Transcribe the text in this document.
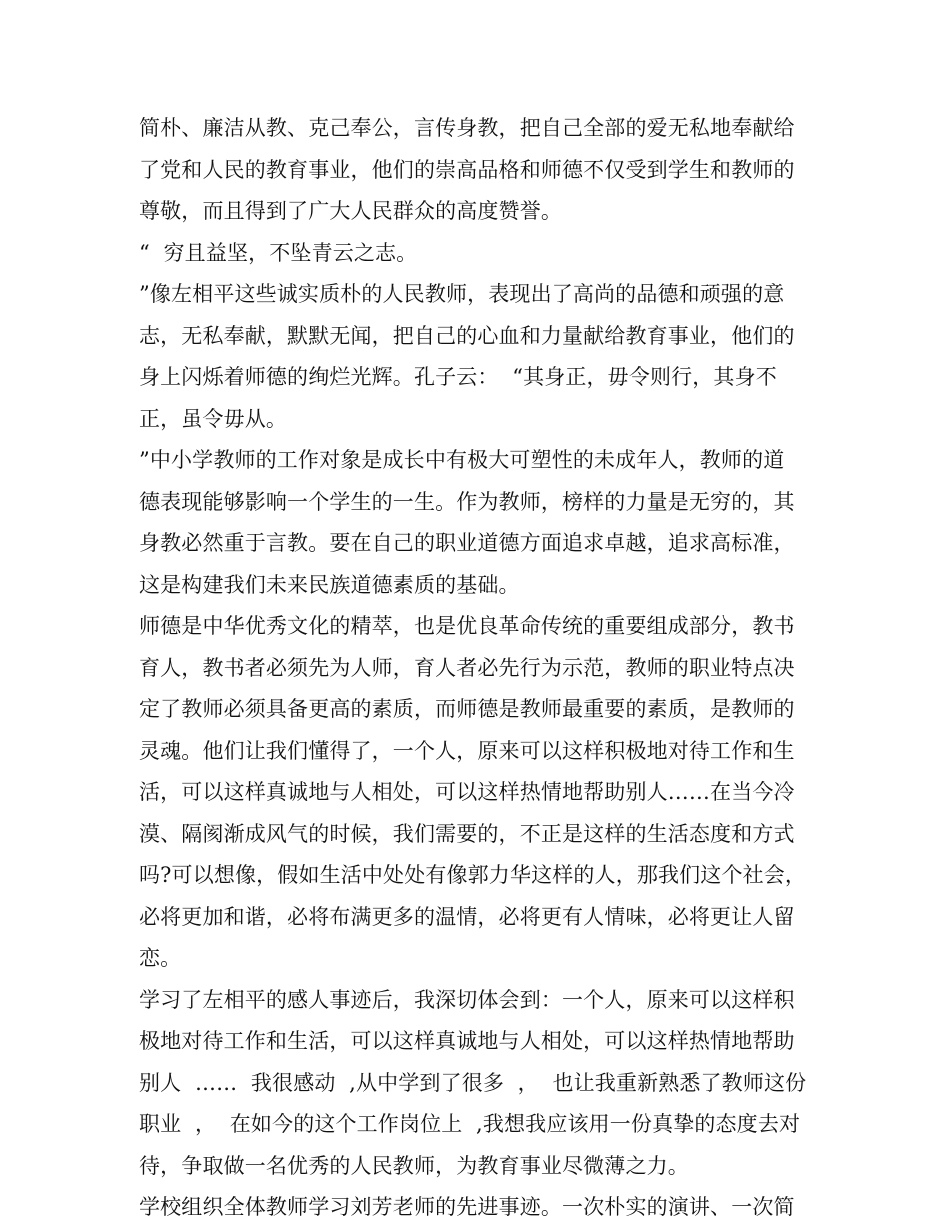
简朴、廉洁从教、克己奉公，言传身教，把自己全部的爱无私地奉献给
了党和人民的教育事业，他们的崇高品格和师德不仅受到学生和教师的
尊敬，而且得到了广大人民群众的高度赞誉。
“  穷且益坚，不坠青云之志。
”像左相平这些诚实质朴的人民教师，表现出了高尚的品德和顽强的意
志，无私奉献，默默无闻，把自己的心血和力量献给教育事业，他们的
身上闪烁着师德的绚烂光辉。孔子云：  “其身正，毋令则行，其身不
正，虽令毋从。
”中小学教师的工作对象是成长中有极大可塑性的未成年人，教师的道
德表现能够影响一个学生的一生。作为教师，榜样的力量是无穷的，其
身教必然重于言教。要在自己的职业道德方面追求卓越，追求高标准，
这是构建我们未来民族道德素质的基础。
师德是中华优秀文化的精萃，也是优良革命传统的重要组成部分，教书
育人，教书者必须先为人师，育人者必先行为示范，教师的职业特点决
定了教师必须具备更高的素质，而师德是教师最重要的素质，是教师的
灵魂。他们让我们懂得了，一个人，原来可以这样积极地对待工作和生
活，可以这样真诚地与人相处，可以这样热情地帮助别人……在当今冷
漠、隔阂渐成风气的时候，我们需要的，不正是这样的生活态度和方式
吗?可以想像，假如生活中处处有像郭力华这样的人，那我们这个社会，
必将更加和谐，必将布满更多的温情，必将更有人情味，必将更让人留
恋。
学习了左相平的感人事迹后，我深切体会到：一个人，原来可以这样积
极地对待工作和生活，可以这样真诚地与人相处，可以这样热情地帮助
别人  ……  我很感动  ,从中学到了很多  ，  也让我重新熟悉了教师这份
职业  ，  在如今的这个工作岗位上  ,我想我应该用一份真挚的态度去对
待，争取做一名优秀的人民教师，为教育事业尽微薄之力。
学校组织全体教师学习刘芳老师的先进事迹。一次朴实的演讲、一次简
